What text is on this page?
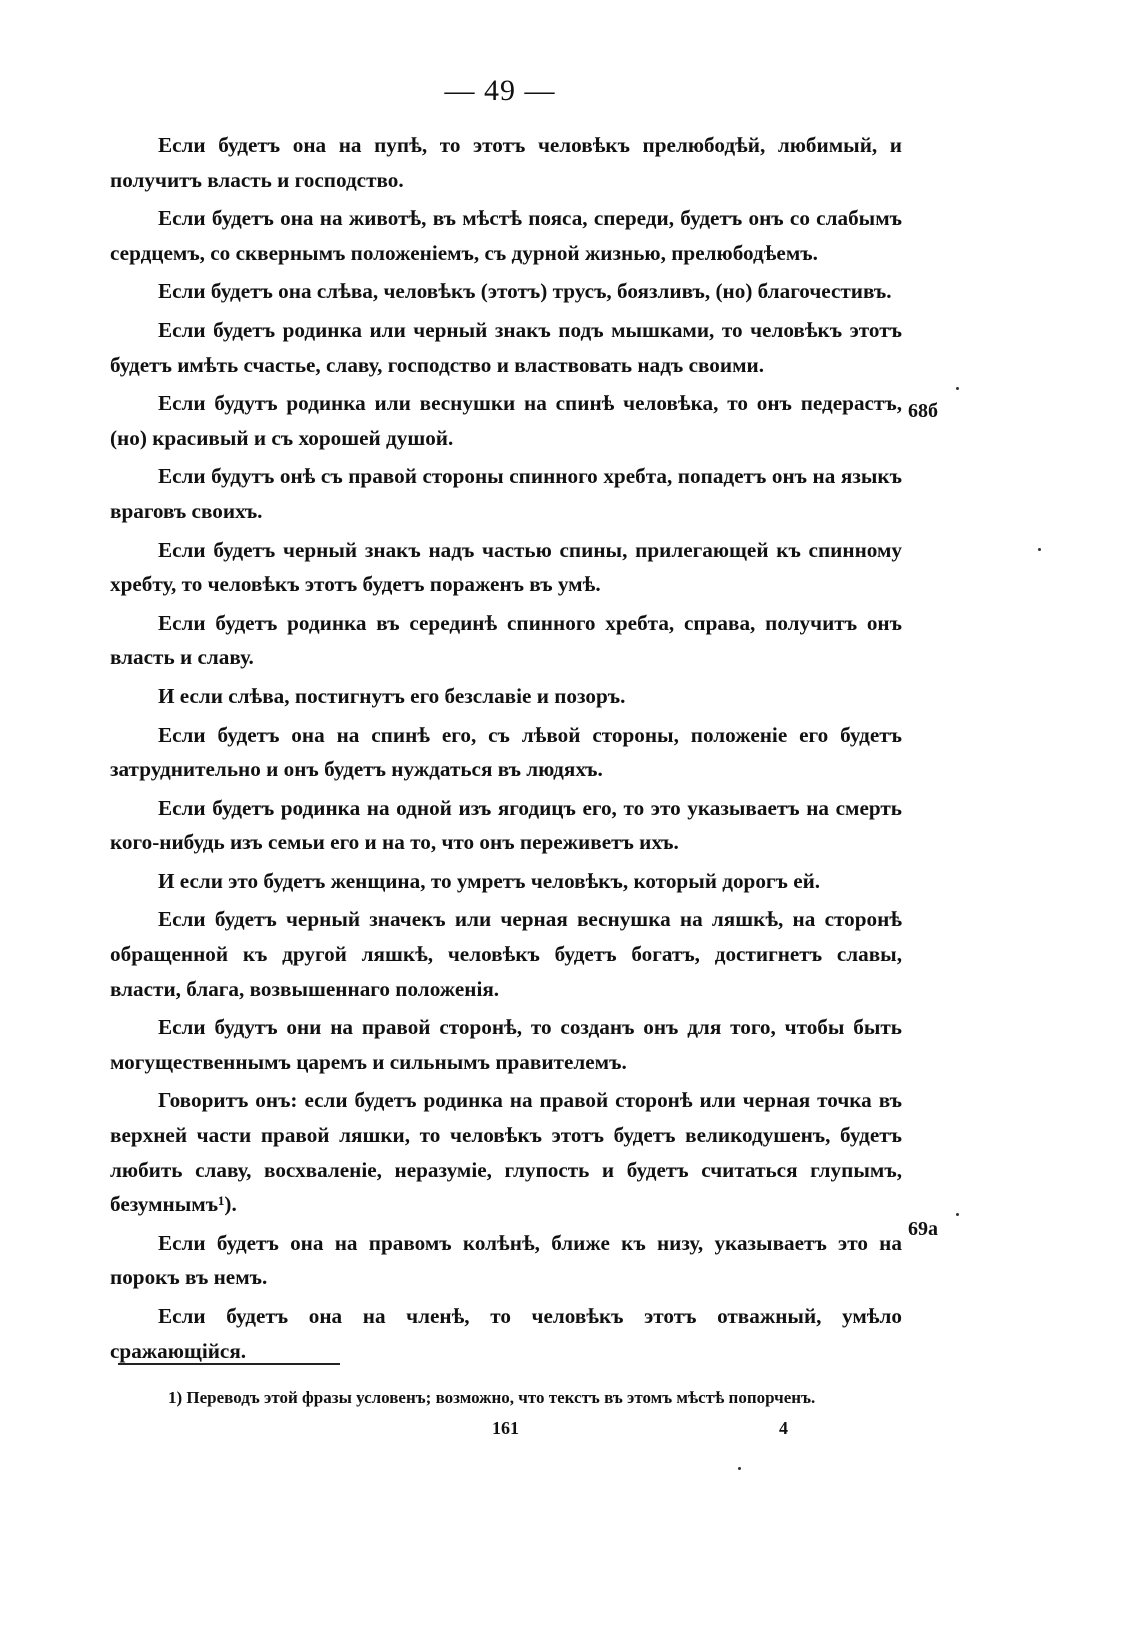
— 49 —

Если будетъ она на пупѣ, то этотъ человѣкъ прелюбодѣй, любимый, и получитъ власть и господство.

Если будетъ она на животѣ, въ мѣстѣ пояса, спереди, будетъ онъ со слабымъ сердцемъ, со сквернымъ положеніемъ, съ дурной жизнью, прелюбодѣемъ.

Если будетъ она слѣва, человѣкъ (этотъ) трусъ, боязливъ, (но) благочестивъ.

Если будетъ родинка или черный знакъ подъ мышками, то человѣкъ этотъ будетъ имѣть счастье, славу, господство и властвовать надъ своими.

Если будутъ родинка или веснушки на спинѣ человѣка, то онъ педерастъ, (но) красивый и съ хорошей душой.

Если будутъ онѣ съ правой стороны спинного хребта, попадетъ онъ на языкъ враговъ своихъ.

Если будетъ черный знакъ надъ частью спины, прилегающей къ спинному хребту, то человѣкъ этотъ будетъ пораженъ въ умѣ.

Если будетъ родинка въ серединѣ спинного хребта, справа, получитъ онъ власть и славу.

И если слѣва, постигнутъ его безславіе и позоръ.

Если будетъ она на спинѣ его, съ лѣвой стороны, положеніе его будетъ затруднительно и онъ будетъ нуждаться въ людяхъ.

Если будетъ родинка на одной изъ ягодицъ его, то это указываетъ на смерть кого-нибудь изъ семьи его и на то, что онъ переживетъ ихъ.

И если это будетъ женщина, то умретъ человѣкъ, который дорогъ ей.

Если будетъ черный значекъ или черная веснушка на ляшкѣ, на сторонѣ обращенной къ другой ляшкѣ, человѣкъ будетъ богатъ, достигнетъ славы, власти, блага, возвышеннаго положенія.

Если будутъ они на правой сторонѣ, то созданъ онъ для того, чтобы быть могущественнымъ царемъ и сильнымъ правителемъ.

Говоритъ онъ: если будетъ родинка на правой сторонѣ или черная точка въ верхней части правой ляшки, то человѣкъ этотъ будетъ великодушенъ, будетъ любить славу, восхваленіе, неразуміе, глупость и будетъ считаться глупымъ, безумнымъ¹).

Если будетъ она на правомъ колѣнѣ, ближе къ низу, указываетъ это на порокъ въ немъ.

Если будетъ она на членѣ, то человѣкъ этотъ отважный, умѣло сражающійся.

68б
69а
1) Переводъ этой фразы условенъ; возможно, что текстъ въ этомъ мѣстѣ попорченъ.
161	4
